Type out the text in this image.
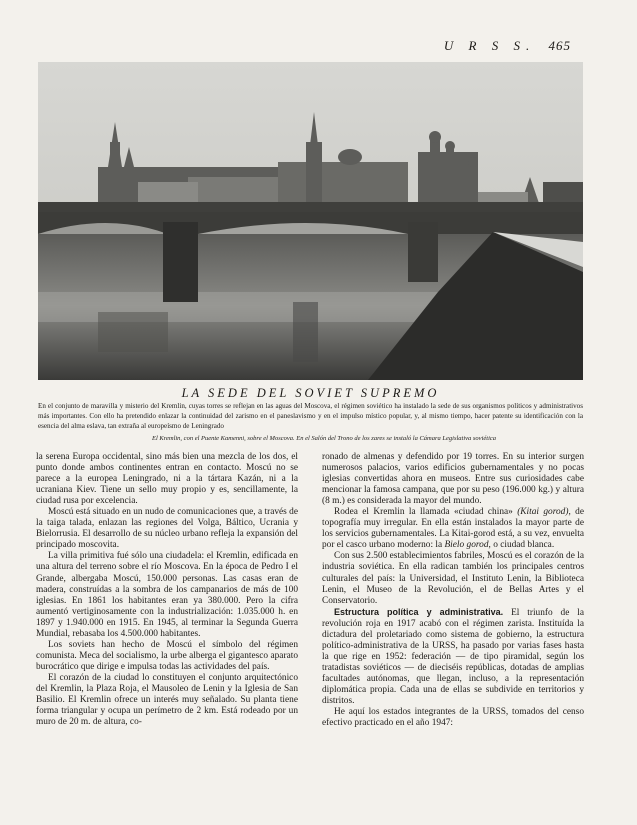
U R S S. 465
LA SEDE DEL SOVIET SUPREMO
En el conjunto de maravilla y misterio del Kremlin, cuyas torres se reflejan en las aguas del Moscova, el régimen soviético ha instalado la sede de sus organismos políticos y administrativos más importantes. Con ello ha pretendido enlazar la continuidad del zarismo en el paneslavismo y en el impulso místico popular, y, al mismo tiempo, hacer patente su identificación con la esencia del alma eslava, tan extraña al europeísmo de Leningrado
El Kremlin, con el Puente Kamenni, sobre el Moscova. En el Salón del Trono de los zares se instaló la Cámara Legislativa soviética

la serena Europa occidental, sino más bien una mezcla de los dos, el punto donde ambos continentes entran en contacto. Moscú no se parece a la europea Leningrado, ni a la tártara Kazán, ni a la ucraniana Kiev. Tiene un sello muy propio y es, sencillamente, la ciudad rusa por excelencia.

Moscú está situado en un nudo de comunicaciones que, a través de la taiga talada, enlazan las regiones del Volga, Báltico, Ucrania y Bielorrusia. El desarrollo de su núcleo urbano refleja la expansión del principado moscovita.

La villa primitiva fué sólo una ciudadela: el Kremlin, edificada en una altura del terreno sobre el río Moscova. En la época de Pedro I el Grande, albergaba Moscú, 150.000 personas. Las casas eran de madera, construídas a la sombra de los campanarios de más de 100 iglesias. En 1861 los habitantes eran ya 380.000. Pero la cifra aumentó vertiginosamente con la industrialización: 1.035.000 h. en 1897 y 1.940.000 en 1915. En 1945, al terminar la Segunda Guerra Mundial, rebasaba los 4.500.000 habitantes.

Los soviets han hecho de Moscú el símbolo del régimen comunista. Meca del socialismo, la urbe alberga el gigantesco aparato burocrático que dirige e impulsa todas las actividades del país.

El corazón de la ciudad lo constituyen el conjunto arquitectónico del Kremlin, la Plaza Roja, el Mausoleo de Lenin y la Iglesia de San Basilio. El Kremlin ofrece un interés muy señalado. Su planta tiene forma triangular y ocupa un perímetro de 2 km. Está rodeado por un muro de 20 m. de altura, co-

ronado de almenas y defendido por 19 torres. En su interior surgen numerosos palacios, varios edificios gubernamentales y no pocas iglesias convertidas ahora en museos. Entre sus curiosidades cabe mencionar la famosa campana, que por su peso (196.000 kg.) y altura (8 m.) es considerada la mayor del mundo.

Rodea el Kremlin la llamada «ciudad china» (Kitai gorod), de topografía muy irregular. En ella están instalados la mayor parte de los servicios gubernamentales. La Kitai-gorod está, a su vez, envuelta por el casco urbano moderno: la Bielo gorod, o ciudad blanca.

Con sus 2.500 establecimientos fabriles, Moscú es el corazón de la industria soviética. En ella radican también los principales centros culturales del país: la Universidad, el Instituto Lenin, la Biblioteca Lenin, el Museo de la Revolución, el de Bellas Artes y el Conservatorio.

Estructura política y administrativa. El triunfo de la revolución roja en 1917 acabó con el régimen zarista. Instituída la dictadura del proletariado como sistema de gobierno, la estructura político-administrativa de la URSS, ha pasado por varias fases hasta la que rige en 1952: federación — de tipo piramidal, según los tratadistas soviéticos — de dieciséis repúblicas, dotadas de amplias facultades autónomas, que llegan, incluso, a la representación diplomática propia. Cada una de ellas se subdivide en territorios y distritos.

He aquí los estados integrantes de la URSS, tomados del censo efectivo practicado en el año 1947:
